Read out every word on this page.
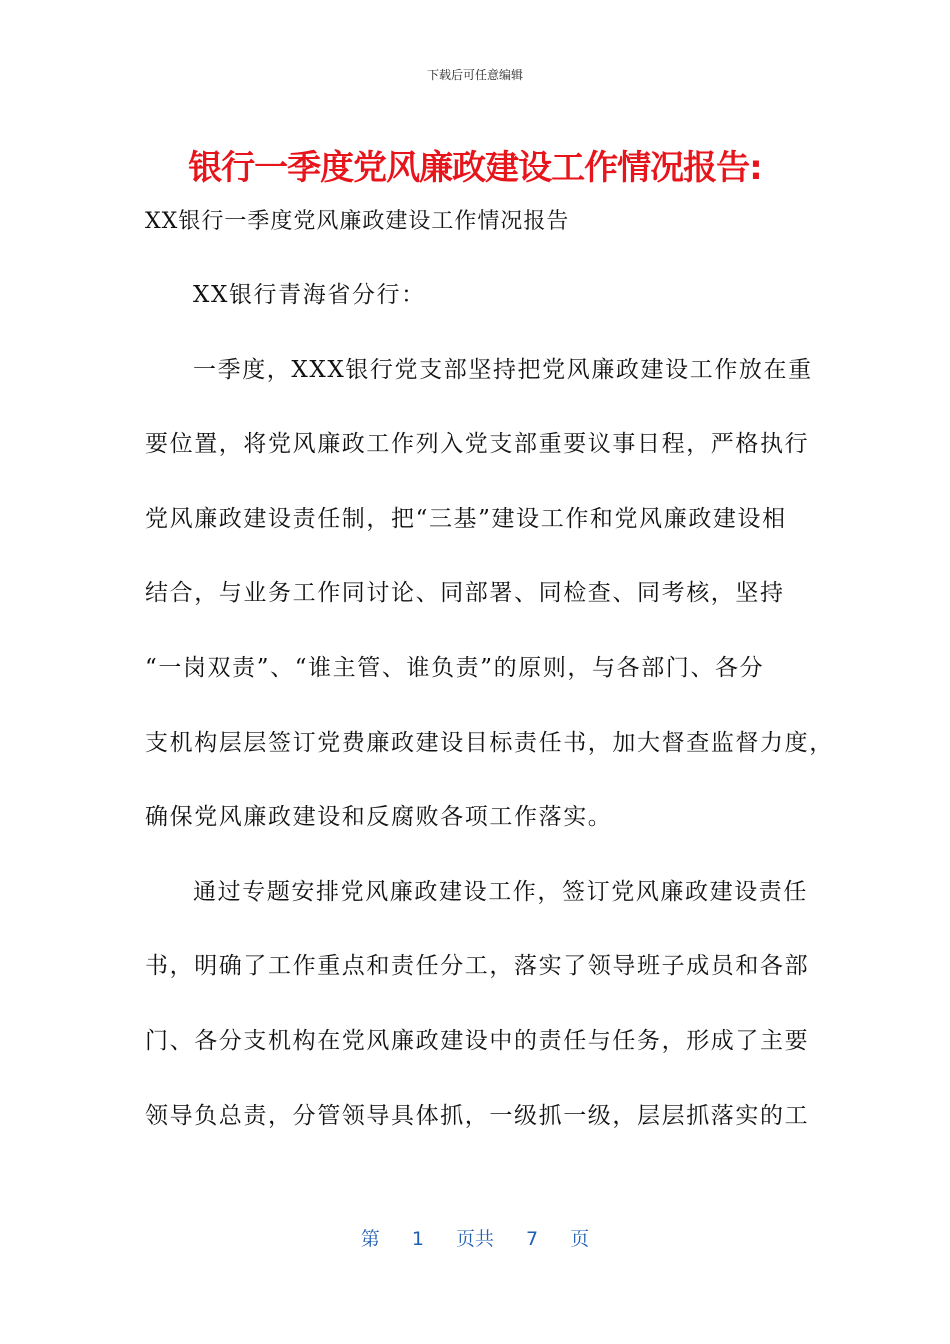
下载后可任意编辑
银行一季度党风廉政建设工作情况报告:
XX银行一季度党风廉政建设工作情况报告
XX银行青海省分行：
一季度，XXX银行党支部坚持把党风廉政建设工作放在重
要位置，将党风廉政工作列入党支部重要议事日程，严格执行
党风廉政建设责任制，把“三基”建设工作和党风廉政建设相
结合，与业务工作同讨论、同部署、同检查、同考核，坚持
“一岗双责”、“谁主管、谁负责”的原则，与各部门、各分
支机构层层签订党费廉政建设目标责任书，加大督查监督力度，
确保党风廉政建设和反腐败各项工作落实。
通过专题安排党风廉政建设工作，签订党风廉政建设责任
书，明确了工作重点和责任分工，落实了领导班子成员和各部
门、各分支机构在党风廉政建设中的责任与任务，形成了主要
领导负总责，分管领导具体抓，一级抓一级，层层抓落实的工
第 1 页共 7 页
